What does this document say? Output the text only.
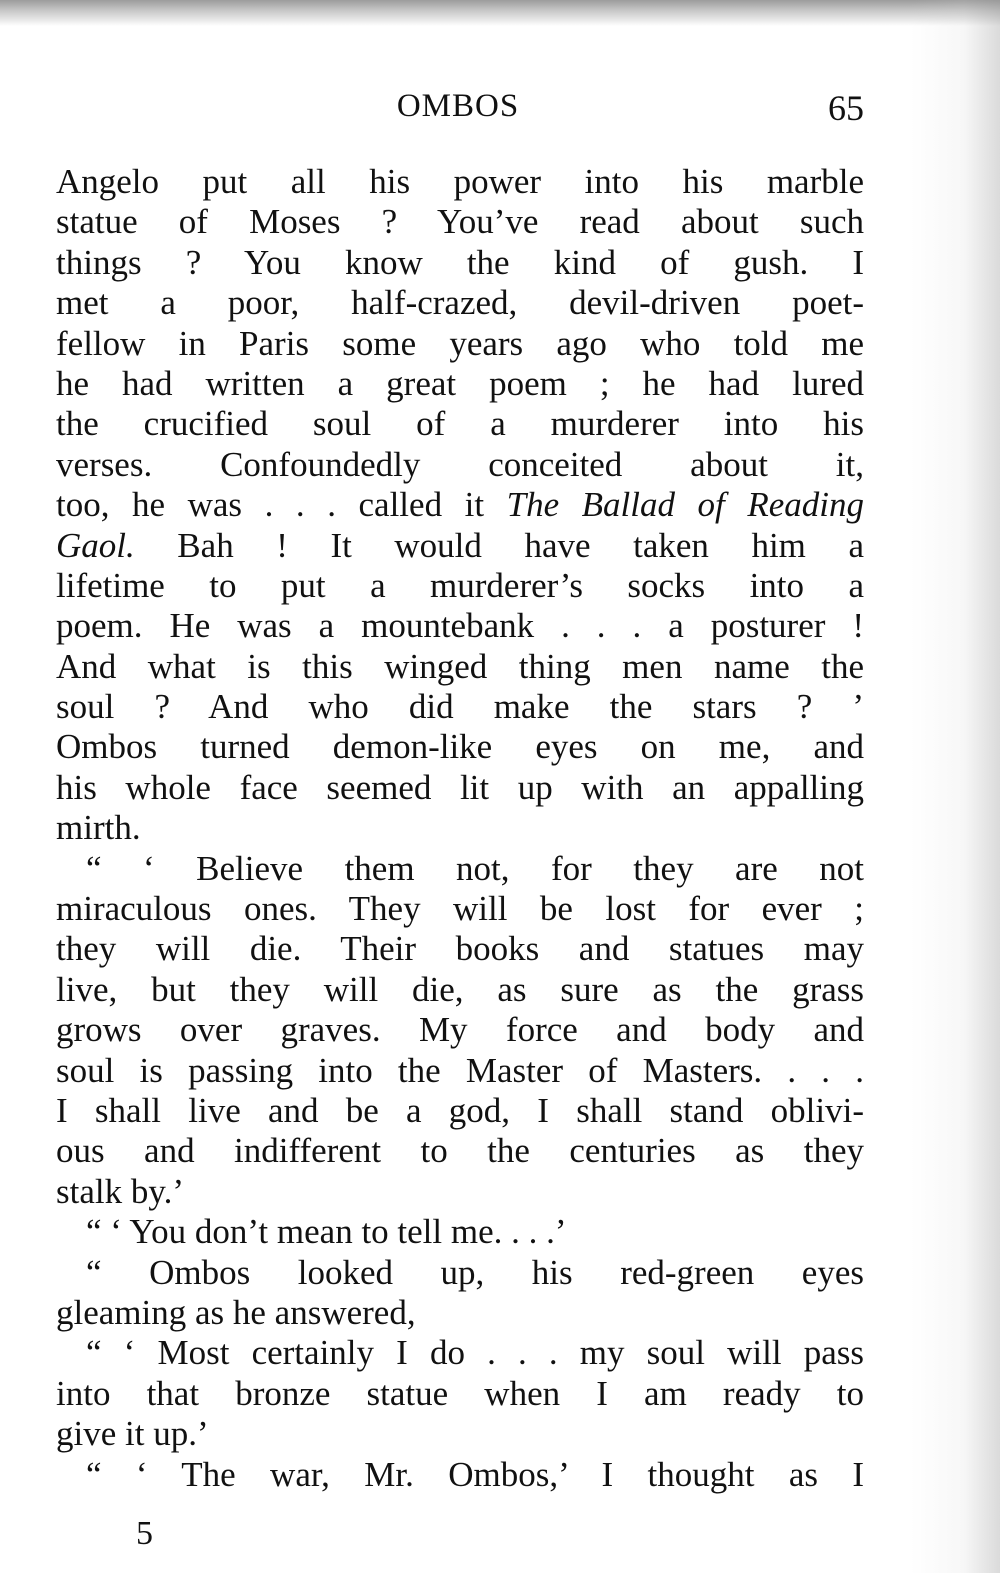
OMBOS	65
Angelo put all his power into his marble
statue of Moses ? You’ve read about such
things ? You know the kind of gush. I
met a poor, half-crazed, devil-driven poet-
fellow in Paris some years ago who told me
he had written a great poem ; he had lured
the crucified soul of a murderer into his
verses. Confoundedly conceited about it,
too, he was . . . called it The Ballad of Reading
Gaol. Bah ! It would have taken him a
lifetime to put a murderer’s socks into a
poem. He was a mountebank . . . a posturer !
And what is this winged thing men name the
soul ? And who did make the stars ? ’
Ombos turned demon-like eyes on me, and
his whole face seemed lit up with an appalling
mirth.
“ ‘ Believe them not, for they are not
miraculous ones. They will be lost for ever ;
they will die. Their books and statues may
live, but they will die, as sure as the grass
grows over graves. My force and body and
soul is passing into the Master of Masters. . . .
I shall live and be a god, I shall stand oblivi-
ous and indifferent to the centuries as they
stalk by.’
“ ‘ You don’t mean to tell me. . . .’
“ Ombos looked up, his red-green eyes
gleaming as he answered,
“ ‘ Most certainly I do . . . my soul will pass
into that bronze statue when I am ready to
give it up.’
“ ‘ The war, Mr. Ombos,’ I thought as I
5
